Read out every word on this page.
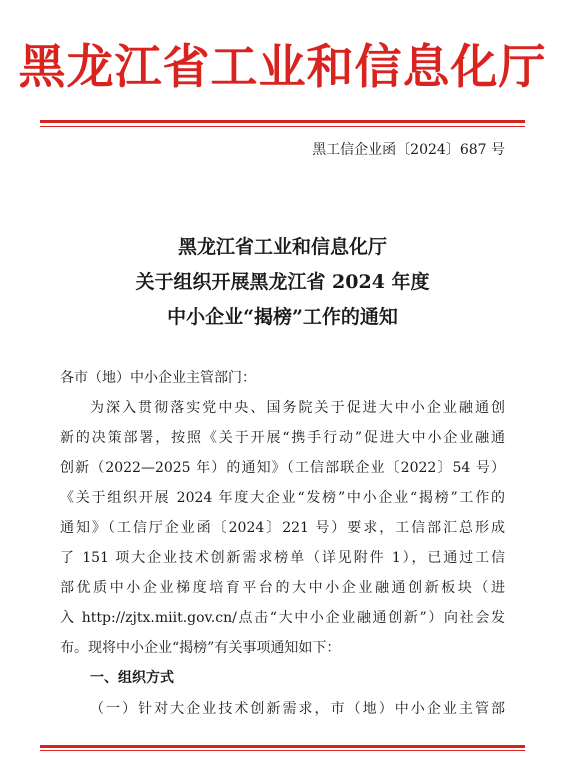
黑龙江省工业和信息化厅
黑工信企业函〔2024〕687 号
黑龙江省工业和信息化厅
关于组织开展黑龙江省 2024 年度
中小企业“揭榜”工作的通知
各市（地）中小企业主管部门：
为深入贯彻落实党中央、国务院关于促进大中小企业融通创
新的决策部署，按照《关于开展“携手行动”促进大中小企业融通
创新（2022—2025 年）的通知》（工信部联企业〔2022〕54 号）
《关于组织开展 2024 年度大企业“发榜”中小企业“揭榜”工作的
通知》（工信厅企业函〔2024〕221 号）要求，工信部汇总形成
了 151 项大企业技术创新需求榜单（详见附件 1），已通过工信
部优质中小企业梯度培育平台的大中小企业融通创新板块（进
入 http://zjtx.miit.gov.cn/点击“大中小企业融通创新”）向社会发
布。现将中小企业“揭榜”有关事项通知如下：
一、组织方式
（一）针对大企业技术创新需求，市（地）中小企业主管部
